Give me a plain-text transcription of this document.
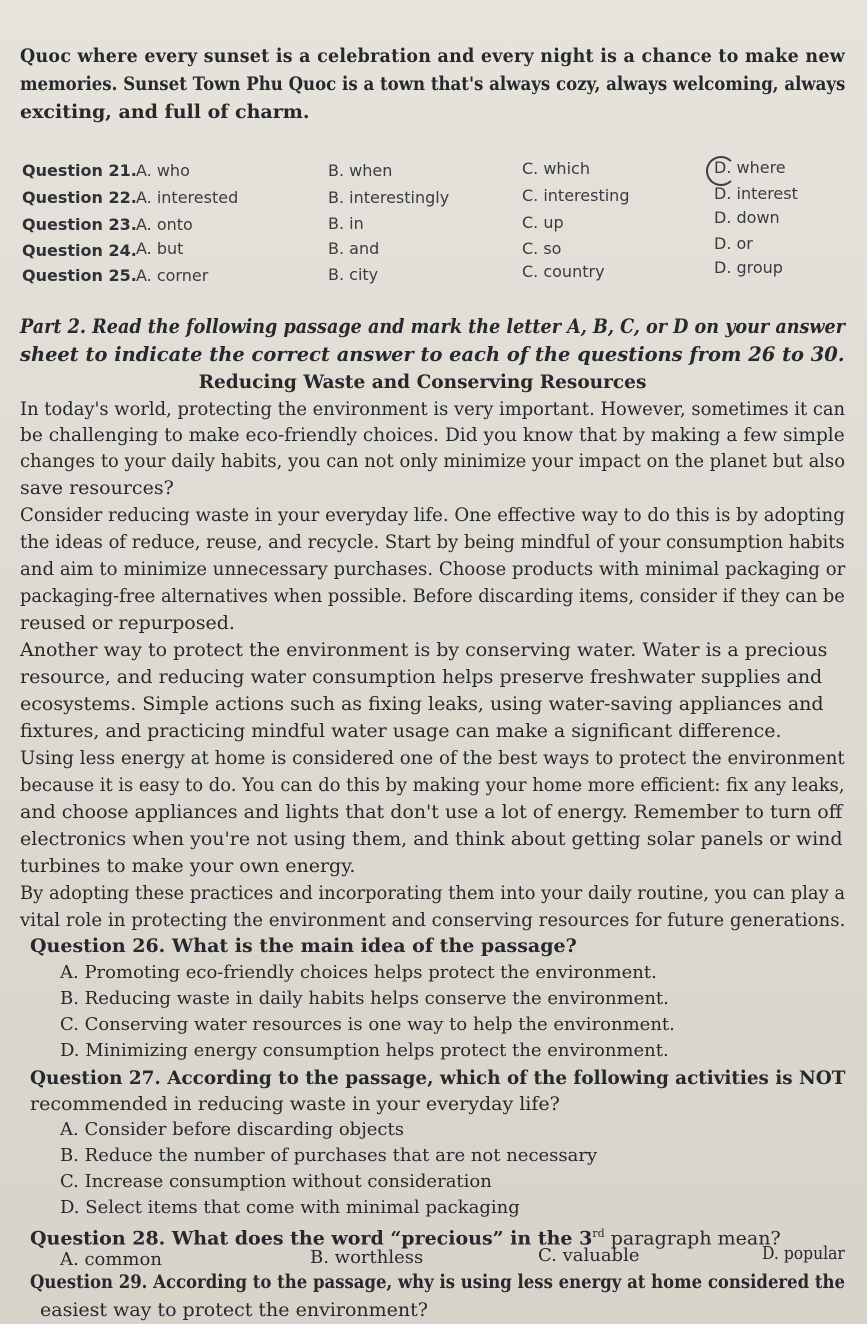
Quoc where every sunset is a celebration and every night is a chance to make new

memories. Sunset Town Phu Quoc is a town that's always cozy, always welcoming, always

exciting, and full of charm.

Question 21. A. who	B. when	C. which	D. where
Question 22. A. interested	B. interestingly	C. interesting	D. interest
Question 23. A. onto	B. in	C. up	D. down
Question 24. A. but	B. and	C. so	D. or
Question 25. A. corner	B. city	C. country	D. group

Part 2. Read the following passage and mark the letter A, B, C, or D on your answer

sheet to indicate the correct answer to each of the questions from 26 to 30.

Reducing Waste and Conserving Resources

In today's world, protecting the environment is very important. However, sometimes it can

be challenging to make eco-friendly choices. Did you know that by making a few simple

changes to your daily habits, you can not only minimize your impact on the planet but also

save resources?

Consider reducing waste in your everyday life. One effective way to do this is by adopting

the ideas of reduce, reuse, and recycle. Start by being mindful of your consumption habits

and aim to minimize unnecessary purchases. Choose products with minimal packaging or

packaging-free alternatives when possible. Before discarding items, consider if they can be

reused or repurposed.

Another way to protect the environment is by conserving water. Water is a precious

resource, and reducing water consumption helps preserve freshwater supplies and

ecosystems. Simple actions such as fixing leaks, using water-saving appliances and

fixtures, and practicing mindful water usage can make a significant difference.

Using less energy at home is considered one of the best ways to protect the environment

because it is easy to do. You can do this by making your home more efficient: fix any leaks,

and choose appliances and lights that don't use a lot of energy. Remember to turn off

electronics when you're not using them, and think about getting solar panels or wind

turbines to make your own energy.

By adopting these practices and incorporating them into your daily routine, you can play a

vital role in protecting the environment and conserving resources for future generations.

Question 26. What is the main idea of the passage?

A. Promoting eco-friendly choices helps protect the environment.

B. Reducing waste in daily habits helps conserve the environment.

C. Conserving water resources is one way to help the environment.

D. Minimizing energy consumption helps protect the environment.

Question 27. According to the passage, which of the following activities is NOT

recommended in reducing waste in your everyday life?

A. Consider before discarding objects

B. Reduce the number of purchases that are not necessary

C. Increase consumption without consideration

D. Select items that come with minimal packaging

Question 28. What does the word “precious” in the 3rd paragraph mean?

A. common	B. worthless	C. valuable	D. popular

Question 29. According to the passage, why is using less energy at home considered the

easiest way to protect the environment?
